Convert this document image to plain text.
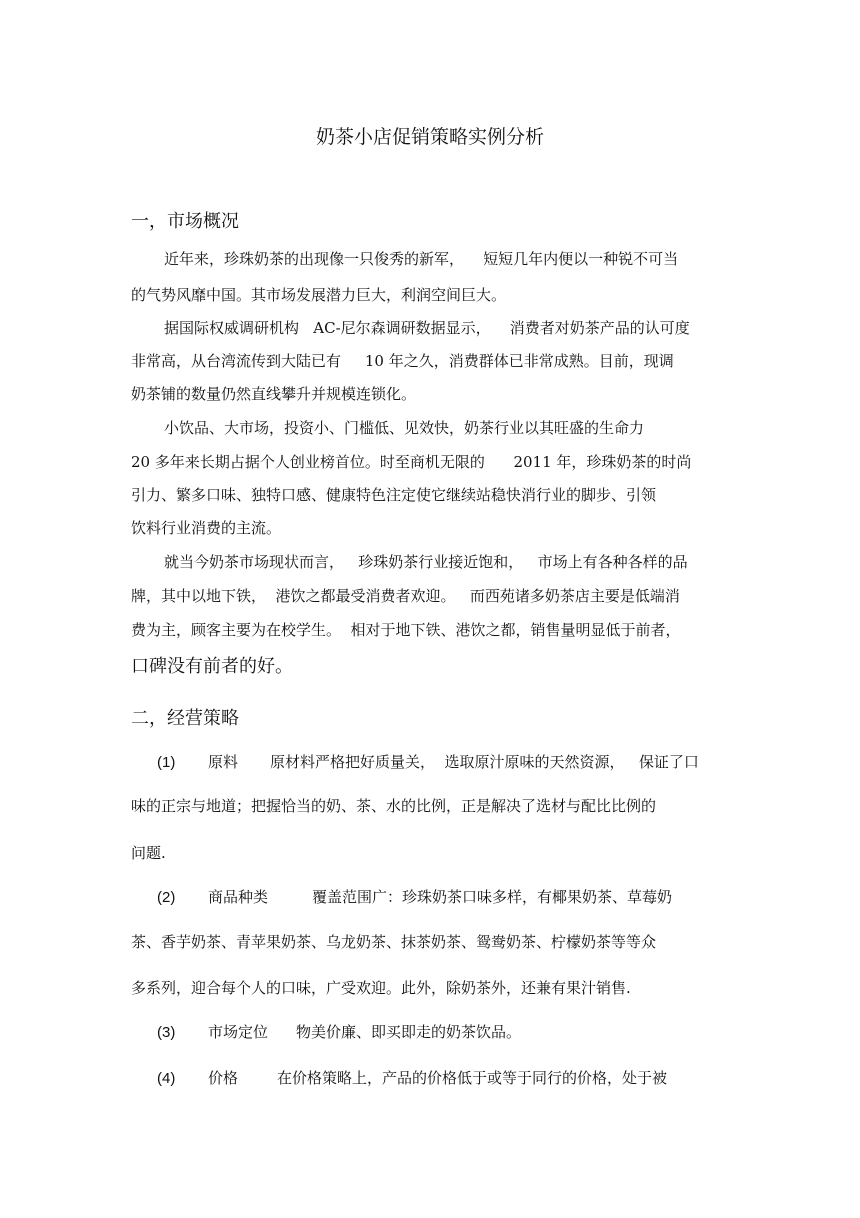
奶茶小店促销策略实例分析
一，市场概况
近年来，珍珠奶茶的出现像一只俊秀的新军，    短短几年内便以一种锐不可当
的气势风靡中国。其市场发展潜力巨大，利润空间巨大。
据国际权威调研机构   AC-尼尔森调研数据显示，    消费者对奶茶产品的认可度
非常高，从台湾流传到大陆已有     10 年之久，消费群体已非常成熟。目前，现调
奶茶铺的数量仍然直线攀升并规模连锁化。
小饮品、大市场，投资小、门槛低、见效快，奶茶行业以其旺盛的生命力
20 多年来长期占据个人创业榜首位。时至商机无限的      2011 年，珍珠奶茶的时尚
引力、繁多口味、独特口感、健康特色注定使它继续站稳快消行业的脚步、引领
饮料行业消费的主流。
就当今奶茶市场现状而言，   珍珠奶茶行业接近饱和，   市场上有各种各样的品
牌，其中以地下铁，  港饮之都最受消费者欢迎。   而西苑诸多奶茶店主要是低端消
费为主，顾客主要为在校学生。  相对于地下铁、港饮之都，销售量明显低于前者，
口碑没有前者的好。
二，经营策略
(1) 原料 原材料严格把好质量关，  选取原汁原味的天然资源，   保证了口
味的正宗与地道；把握恰当的奶、茶、水的比例，正是解决了选材与配比比例的
问题.
(2) 商品种类	覆盖范围广：珍珠奶茶口味多样，有椰果奶茶、草莓奶
茶、香芋奶茶、青苹果奶茶、乌龙奶茶、抹茶奶茶、鸳鸯奶茶、柠檬奶茶等等众
多系列，迎合每个人的口味，广受欢迎。此外，除奶茶外，还兼有果汁销售.
(3) 市场定位 物美价廉、即买即走的奶茶饮品。
(4) 价格	在价格策略上，产品的价格低于或等于同行的价格，处于被
